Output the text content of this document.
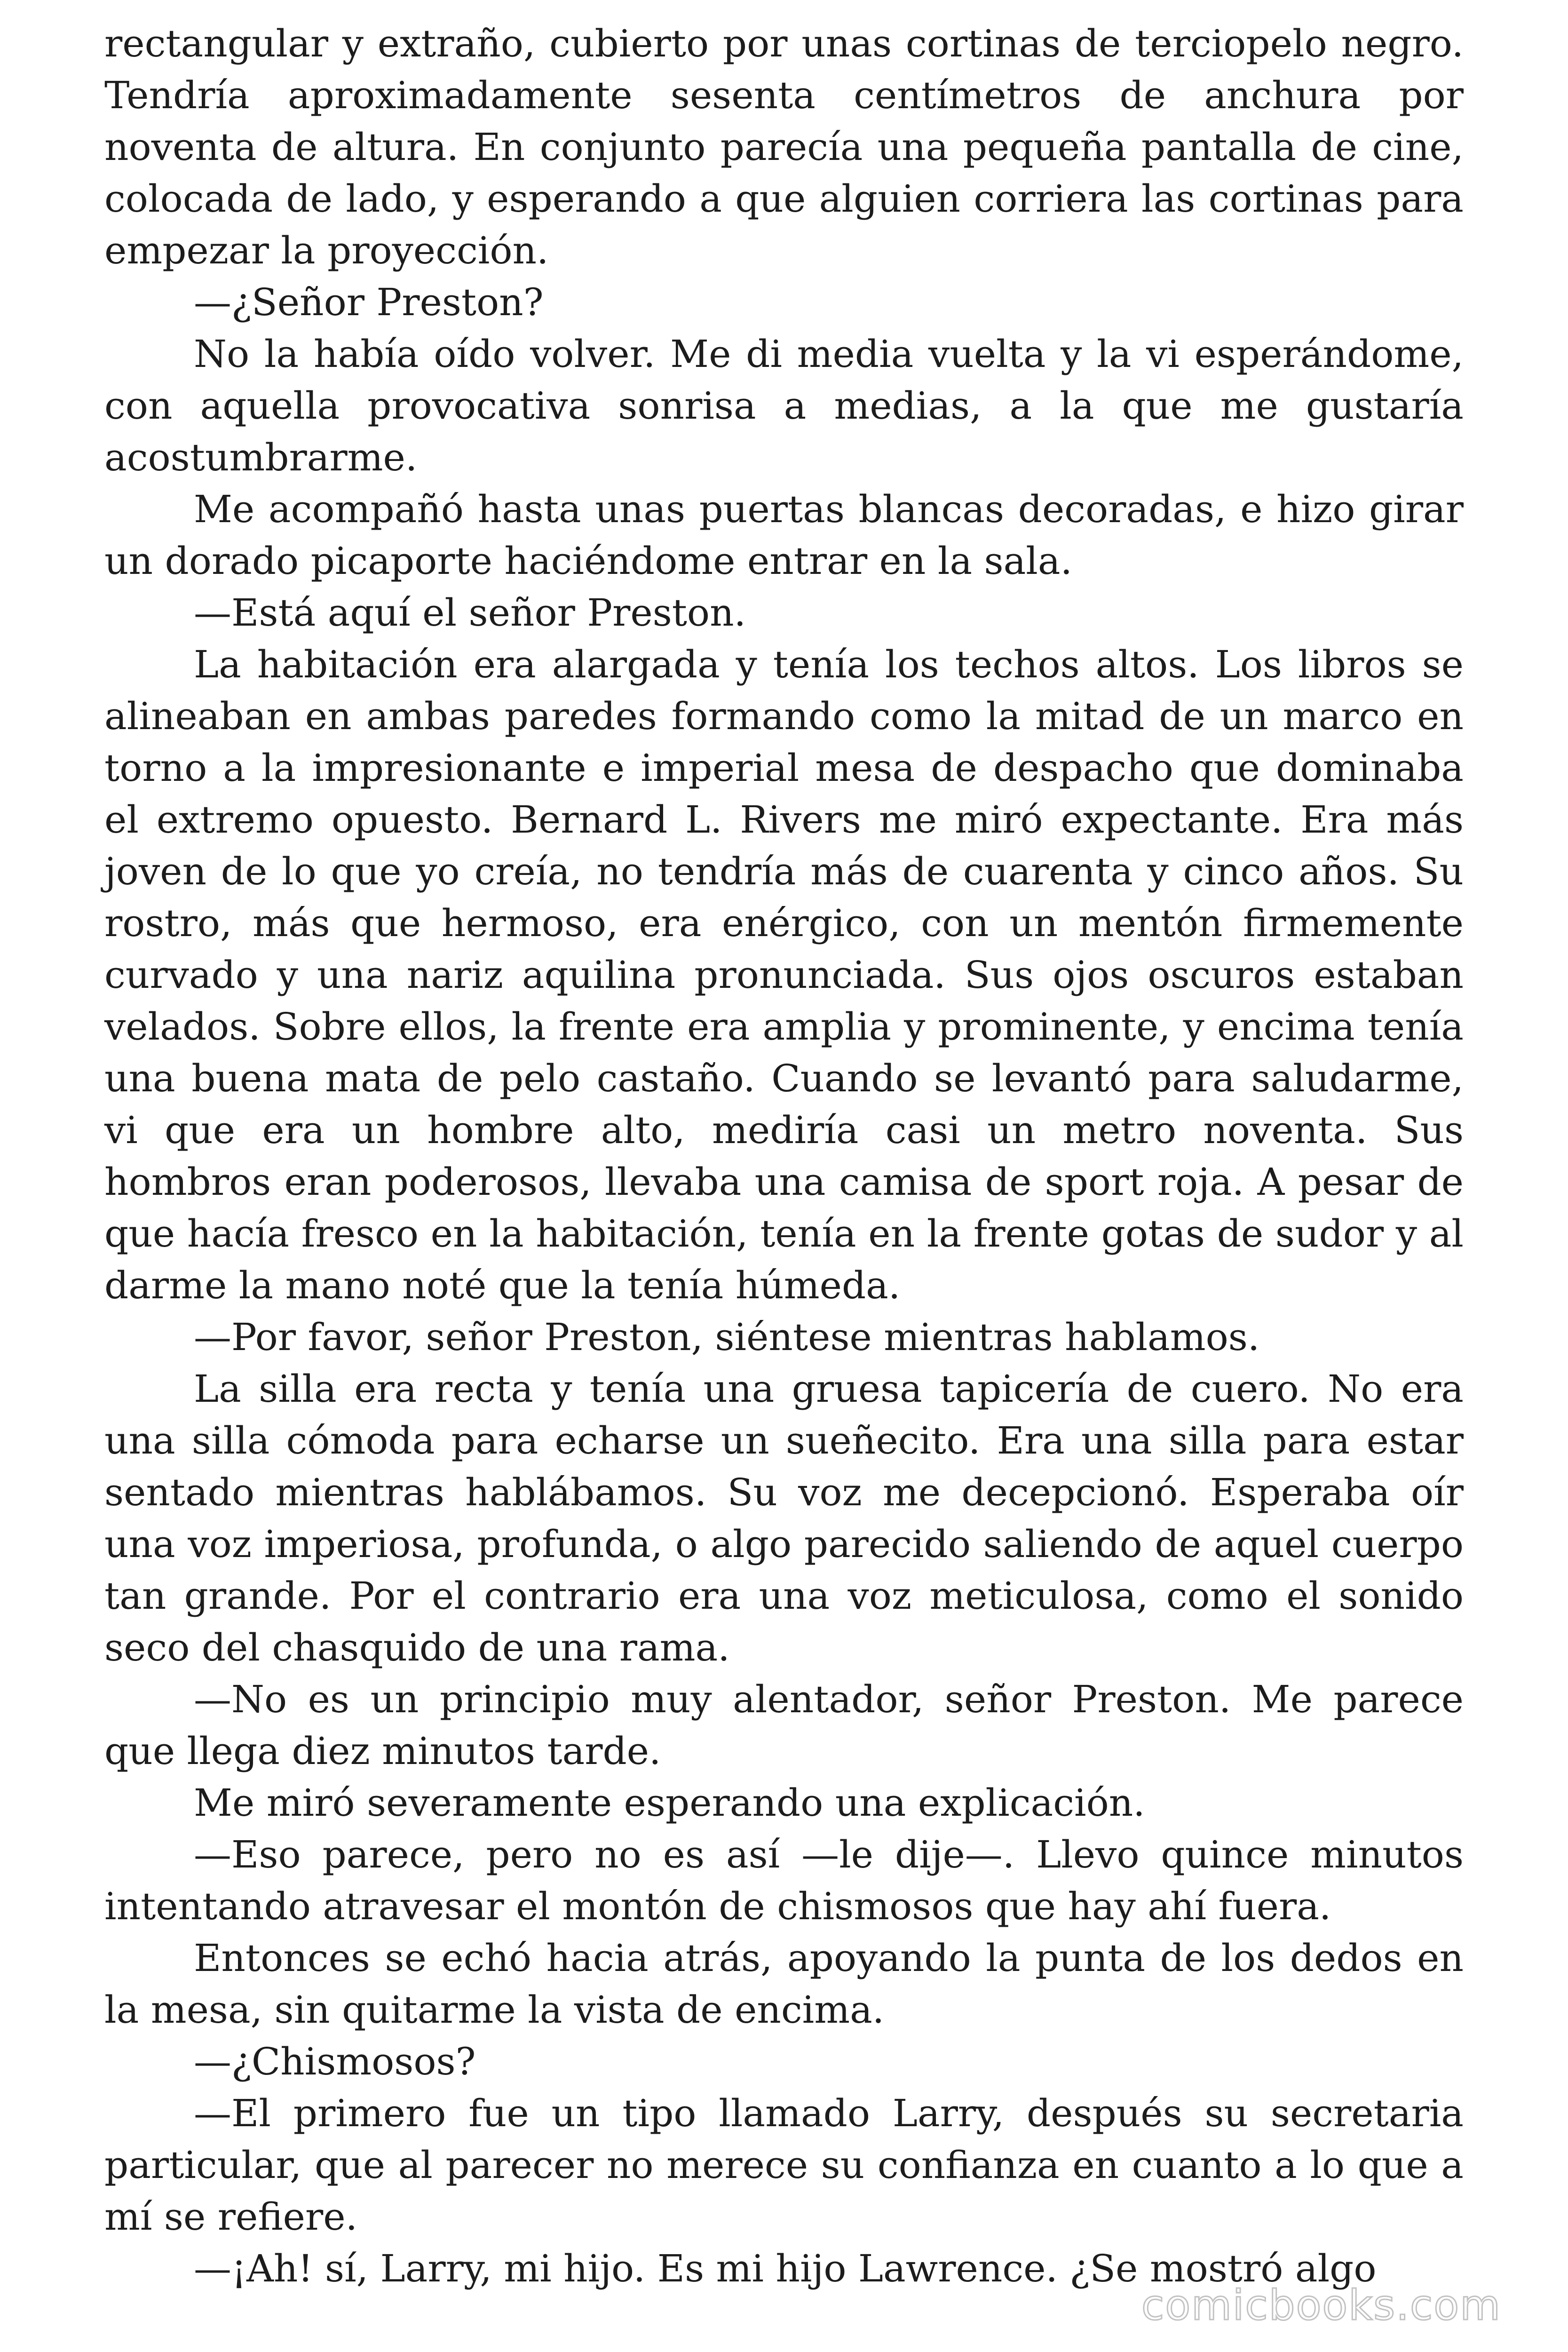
rectangular y extraño, cubierto por unas cortinas de terciopelo negro. Tendría aproximadamente sesenta centímetros de anchura por noventa de altura. En conjunto parecía una pequeña pantalla de cine, colocada de lado, y esperando a que alguien corriera las cortinas para empezar la proyección.

—¿Señor Preston?

No la había oído volver. Me di media vuelta y la vi esperándome, con aquella provocativa sonrisa a medias, a la que me gustaría acostumbrarme.

Me acompañó hasta unas puertas blancas decoradas, e hizo girar un dorado picaporte haciéndome entrar en la sala.

—Está aquí el señor Preston.

La habitación era alargada y tenía los techos altos. Los libros se alineaban en ambas paredes formando como la mitad de un marco en torno a la impresionante e imperial mesa de despacho que dominaba el extremo opuesto. Bernard L. Rivers me miró expectante. Era más joven de lo que yo creía, no tendría más de cuarenta y cinco años. Su rostro, más que hermoso, era enérgico, con un mentón firmemente curvado y una nariz aquilina pronunciada. Sus ojos oscuros estaban velados. Sobre ellos, la frente era amplia y prominente, y encima tenía una buena mata de pelo castaño. Cuando se levantó para saludarme, vi que era un hombre alto, mediría casi un metro noventa. Sus hombros eran poderosos, llevaba una camisa de sport roja. A pesar de que hacía fresco en la habitación, tenía en la frente gotas de sudor y al darme la mano noté que la tenía húmeda.

—Por favor, señor Preston, siéntese mientras hablamos.

La silla era recta y tenía una gruesa tapicería de cuero. No era una silla cómoda para echarse un sueñecito. Era una silla para estar sentado mientras hablábamos. Su voz me decepcionó. Esperaba oír una voz imperiosa, profunda, o algo parecido saliendo de aquel cuerpo tan grande. Por el contrario era una voz meticulosa, como el sonido seco del chasquido de una rama.

—No es un principio muy alentador, señor Preston. Me parece que llega diez minutos tarde.

Me miró severamente esperando una explicación.

—Eso parece, pero no es así —le dije—. Llevo quince minutos intentando atravesar el montón de chismosos que hay ahí fuera.

Entonces se echó hacia atrás, apoyando la punta de los dedos en la mesa, sin quitarme la vista de encima.

—¿Chismosos?

—El primero fue un tipo llamado Larry, después su secretaria particular, que al parecer no merece su confianza en cuanto a lo que a mí se refiere.

—¡Ah! sí, Larry, mi hijo. Es mi hijo Lawrence. ¿Se mostró algo

comicbooks.com
